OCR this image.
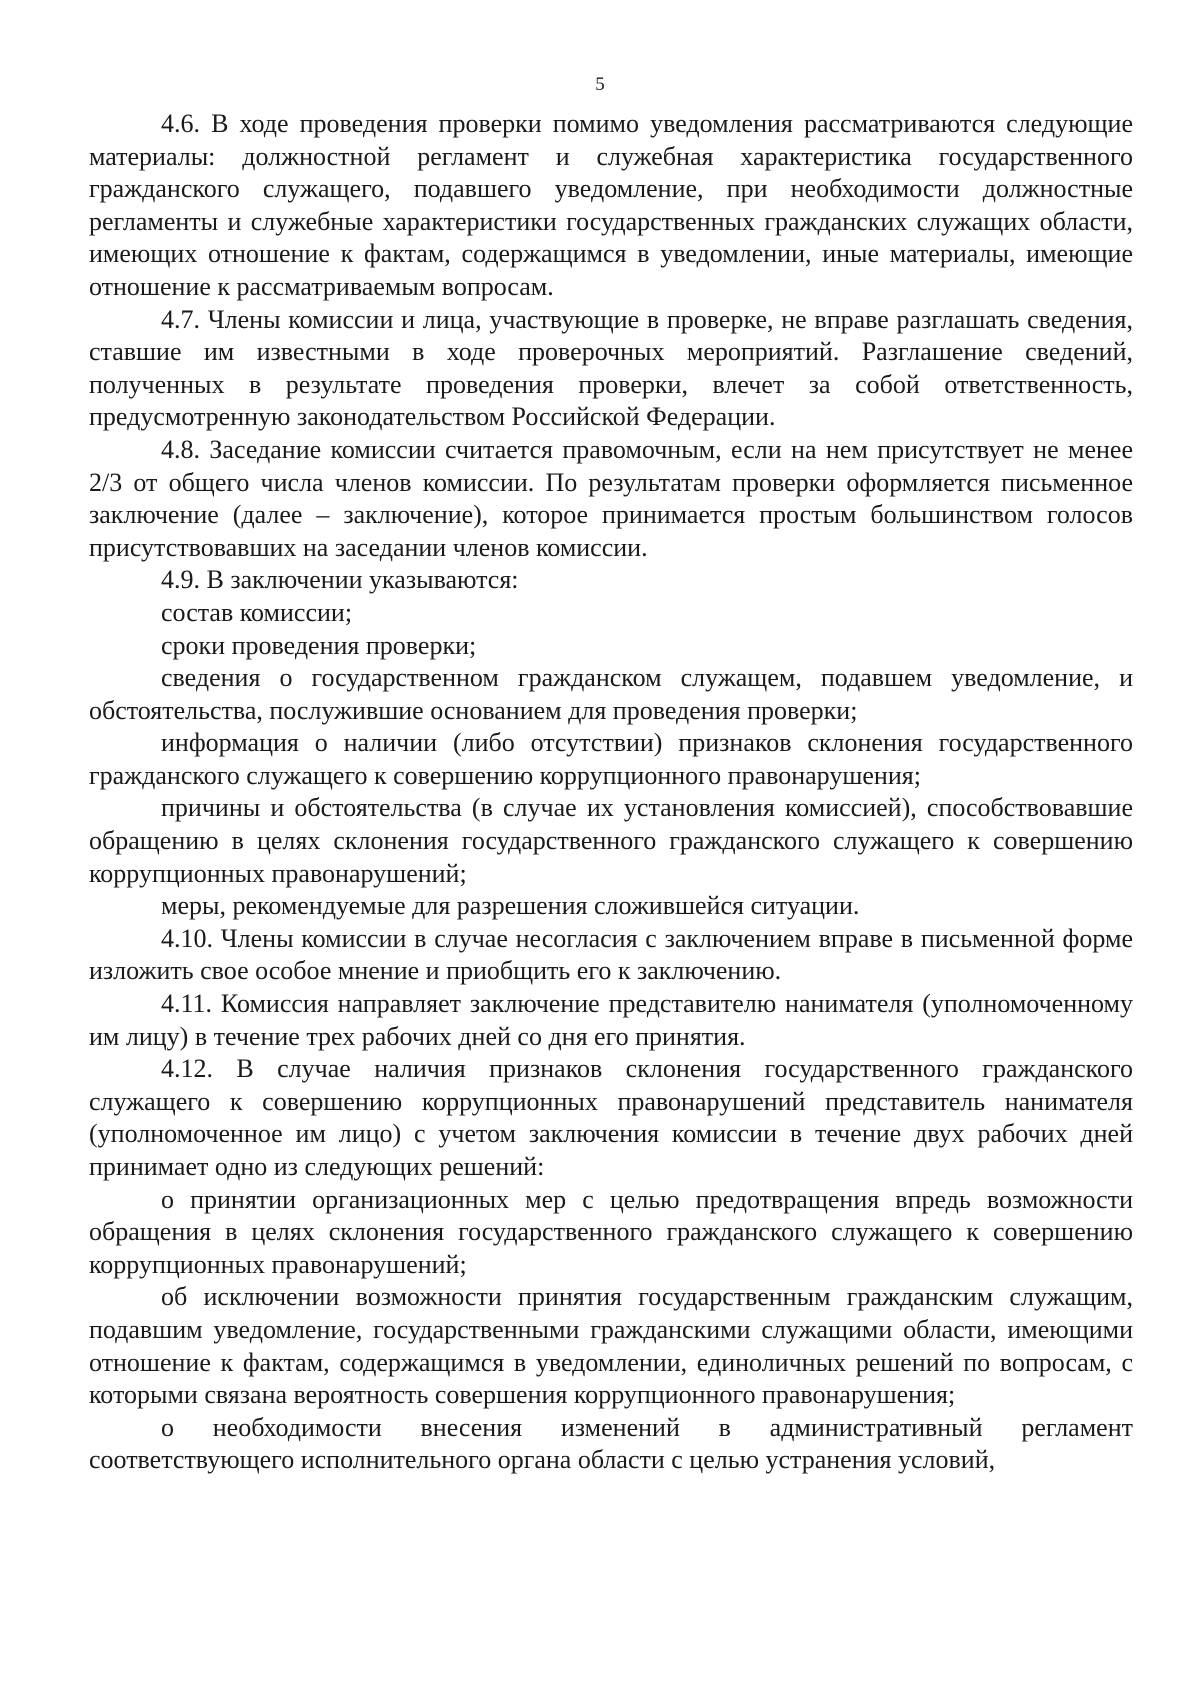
5

4.6. В ходе проведения проверки помимо уведомления рассматриваются следующие материалы: должностной регламент и служебная характеристика государственного гражданского служащего, подавшего уведомление, при необходимости должностные регламенты и служебные характеристики государственных гражданских служащих области, имеющих отношение к фактам, содержащимся в уведомлении, иные материалы, имеющие отношение к рассматриваемым вопросам.

4.7. Члены комиссии и лица, участвующие в проверке, не вправе разглашать сведения, ставшие им известными в ходе проверочных мероприятий. Разглашение сведений, полученных в результате проведения проверки, влечет за собой ответственность, предусмотренную законодательством Российской Федерации.

4.8. Заседание комиссии считается правомочным, если на нем присутствует не менее 2/3 от общего числа членов комиссии. По результатам проверки оформляется письменное заключение (далее – заключение), которое принимается простым большинством голосов присутствовавших на заседании членов комиссии.

4.9. В заключении указываются:

состав комиссии;

сроки проведения проверки;

сведения о государственном гражданском служащем, подавшем уведомление, и обстоятельства, послужившие основанием для проведения проверки;

информация о наличии (либо отсутствии) признаков склонения государственного гражданского служащего к совершению коррупционного правонарушения;

причины и обстоятельства (в случае их установления комиссией), способствовавшие обращению в целях склонения государственного гражданского служащего к совершению коррупционных правонарушений;

меры, рекомендуемые для разрешения сложившейся ситуации.

4.10. Члены комиссии в случае несогласия с заключением вправе в письменной форме изложить свое особое мнение и приобщить его к заключению.

4.11. Комиссия направляет заключение представителю нанимателя (уполномоченному им лицу) в течение трех рабочих дней со дня его принятия.

4.12. В случае наличия признаков склонения государственного гражданского служащего к совершению коррупционных правонарушений представитель нанимателя (уполномоченное им лицо) с учетом заключения комиссии в течение двух рабочих дней принимает одно из следующих решений:

о принятии организационных мер с целью предотвращения впредь возможности обращения в целях склонения государственного гражданского служащего к совершению коррупционных правонарушений;

об исключении возможности принятия государственным гражданским служащим, подавшим уведомление, государственными гражданскими служащими области, имеющими отношение к фактам, содержащимся в уведомлении, единоличных решений по вопросам, с которыми связана вероятность совершения коррупционного правонарушения;

о необходимости внесения изменений в административный регламент соответствующего исполнительного органа области с целью устранения условий,
